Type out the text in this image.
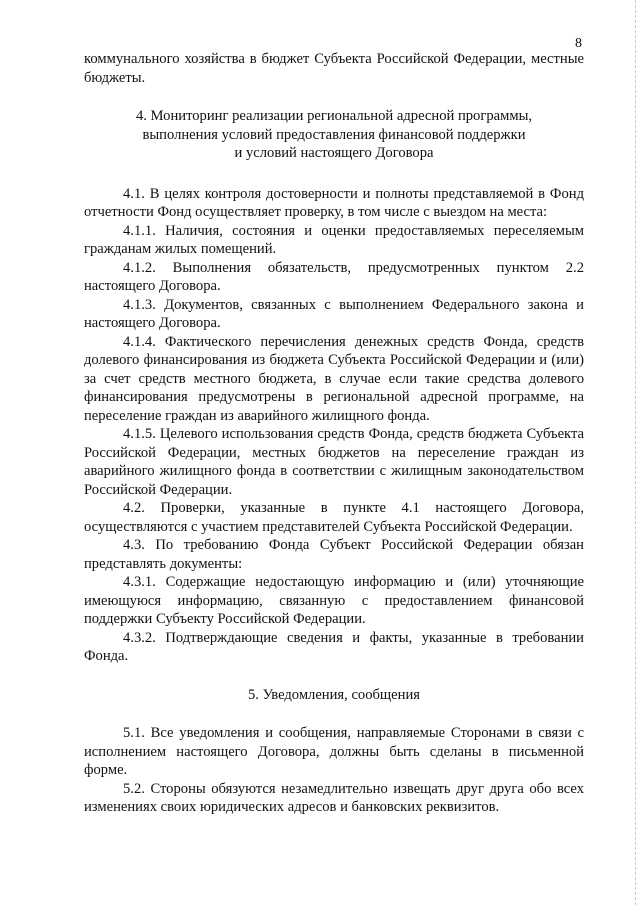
8

коммунального хозяйства в бюджет Субъекта Российской Федерации, местные бюджеты.

4. Мониторинг реализации региональной адресной программы,
выполнения условий предоставления финансовой поддержки
и условий настоящего Договора

4.1. В целях контроля достоверности и полноты представляемой в Фонд отчетности Фонд осуществляет проверку, в том числе с выездом на места:

4.1.1. Наличия, состояния и оценки предоставляемых переселяемым гражданам жилых помещений.

4.1.2. Выполнения обязательств, предусмотренных пунктом 2.2 настоящего Договора.

4.1.3. Документов, связанных с выполнением Федерального закона и настоящего Договора.

4.1.4. Фактического перечисления денежных средств Фонда, средств долевого финансирования из бюджета Субъекта Российской Федерации и (или) за счет средств местного бюджета, в случае если такие средства долевого финансирования предусмотрены в региональной адресной программе, на переселение граждан из аварийного жилищного фонда.

4.1.5. Целевого использования средств Фонда, средств бюджета Субъекта Российской Федерации, местных бюджетов на переселение граждан из аварийного жилищного фонда в соответствии с жилищным законодательством Российской Федерации.

4.2. Проверки, указанные в пункте 4.1 настоящего Договора, осуществляются с участием представителей Субъекта Российской Федерации.

4.3. По требованию Фонда Субъект Российской Федерации обязан представлять документы:

4.3.1. Содержащие недостающую информацию и (или) уточняющие имеющуюся информацию, связанную с предоставлением финансовой поддержки Субъекту Российской Федерации.

4.3.2. Подтверждающие сведения и факты, указанные в требовании Фонда.

5. Уведомления, сообщения

5.1. Все уведомления и сообщения, направляемые Сторонами в связи с исполнением настоящего Договора, должны быть сделаны в письменной форме.

5.2. Стороны обязуются незамедлительно извещать друг друга обо всех изменениях своих юридических адресов и банковских реквизитов.
